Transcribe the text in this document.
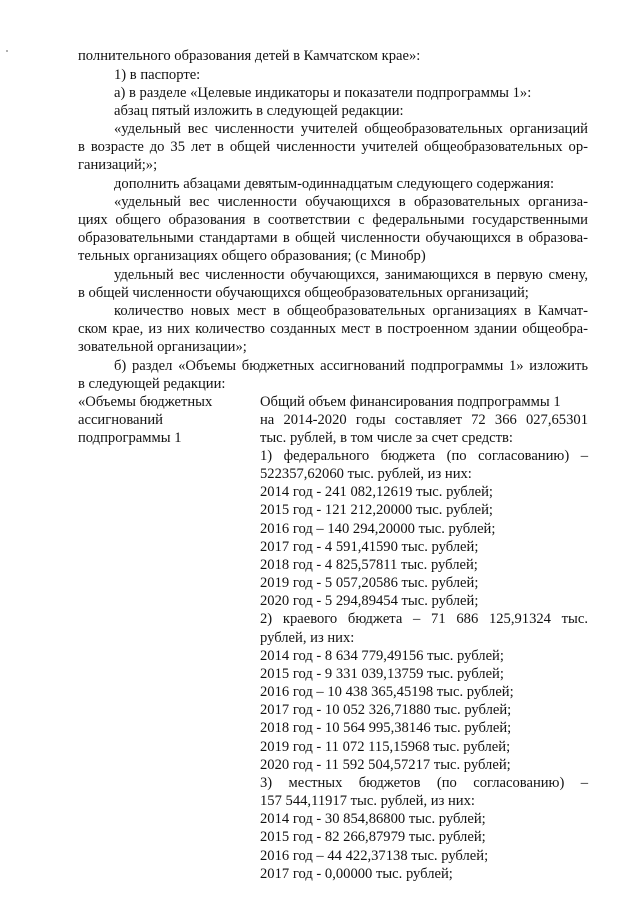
полнительного образования детей в Камчатском крае»:
1) в паспорте:
а) в разделе «Целевые индикаторы и показатели подпрограммы 1»:
абзац пятый изложить в следующей редакции:
«удельный вес численности учителей общеобразовательных организаций
в возрасте до 35 лет в общей численности учителей общеобразовательных ор-
ганизаций;»;
дополнить абзацами девятым-одиннадцатым следующего содержания:
«удельный вес численности обучающихся в образовательных организа-
циях общего образования в соответствии с федеральными государственными
образовательными стандартами в общей численности обучающихся в образова-
тельных организациях общего образования; (с Минобр)
удельный вес численности обучающихся, занимающихся в первую смену,
в общей численности обучающихся общеобразовательных организаций;
количество новых мест в общеобразовательных организациях в Камчат-
ском крае, из них количество созданных мест в построенном здании общеобра-
зовательной организации»;
б) раздел «Объемы бюджетных ассигнований подпрограммы 1» изложить
в следующей редакции:
«Объемы бюджетных
ассигнований
подпрограммы 1
Общий объем финансирования подпрограммы 1
на 2014-2020 годы составляет 72 366 027,65301
тыс. рублей, в том числе за счет средств:
1) федерального бюджета (по согласованию) –
522357,62060 тыс. рублей, из них:
2014 год - 241 082,12619 тыс. рублей;
2015 год - 121 212,20000 тыс. рублей;
2016 год – 140 294,20000 тыс. рублей;
2017 год - 4 591,41590 тыс. рублей;
2018 год - 4 825,57811 тыс. рублей;
2019 год - 5 057,20586 тыс. рублей;
2020 год - 5 294,89454 тыс. рублей;
2) краевого бюджета – 71 686 125,91324 тыс.
рублей, из них:
2014 год - 8 634 779,49156 тыс. рублей;
2015 год - 9 331 039,13759 тыс. рублей;
2016 год – 10 438 365,45198 тыс. рублей;
2017 год - 10 052 326,71880 тыс. рублей;
2018 год - 10 564 995,38146 тыс. рублей;
2019 год - 11 072 115,15968 тыс. рублей;
2020 год - 11 592 504,57217 тыс. рублей;
3) местных бюджетов (по согласованию) –
157 544,11917 тыс. рублей, из них:
2014 год - 30 854,86800 тыс. рублей;
2015 год - 82 266,87979 тыс. рублей;
2016 год – 44 422,37138 тыс. рублей;
2017 год - 0,00000 тыс. рублей;
